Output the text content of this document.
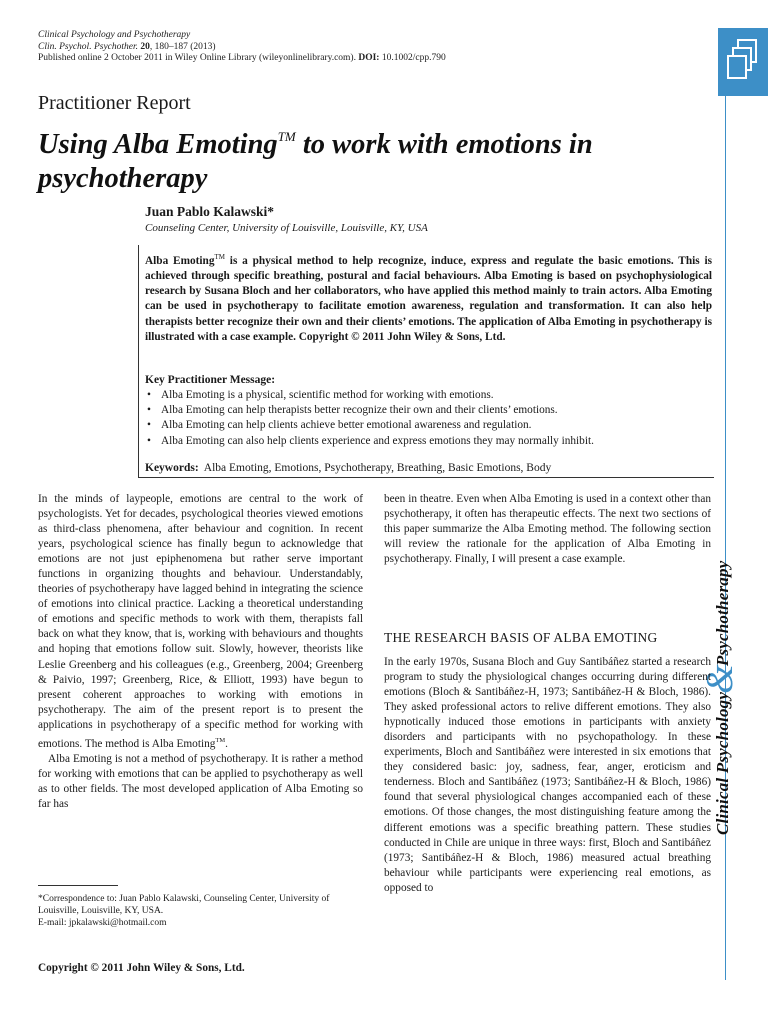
Clinical Psychology and Psychotherapy
Clin. Psychol. Psychother. 20, 180–187 (2013)
Published online 2 October 2011 in Wiley Online Library (wileyonlinelibrary.com). DOI: 10.1002/cpp.790
Clinical Psychology&Psychotherapy
Practitioner Report
Using Alba Emoting™ to work with emotions in
psychotherapy
Juan Pablo Kalawski*
Counseling Center, University of Louisville, Louisville, KY, USA
Alba Emoting™ is a physical method to help recognize, induce, express and regulate the basic emotions. This is achieved through specific breathing, postural and facial behaviours. Alba Emoting is based on psychophysiological research by Susana Bloch and her collaborators, who have applied this method mainly to train actors. Alba Emoting can be used in psychotherapy to facilitate emotion awareness, regulation and transformation. It can also help therapists better recognize their own and their clients’ emotions. The application of Alba Emoting in psychotherapy is illustrated with a case example. Copyright © 2011 John Wiley & Sons, Ltd.
Key Practitioner Message:
• Alba Emoting is a physical, scientific method for working with emotions.
• Alba Emoting can help therapists better recognize their own and their clients’ emotions.
• Alba Emoting can help clients achieve better emotional awareness and regulation.
• Alba Emoting can also help clients experience and express emotions they may normally inhibit.
Keywords: Alba Emoting, Emotions, Psychotherapy, Breathing, Basic Emotions, Body

In the minds of laypeople, emotions are central to the work of psychologists. Yet for decades, psychological theories viewed emotions as third-class phenomena, after behaviour and cognition. In recent years, psychological science has finally begun to acknowledge that emotions are not just epiphenomena but rather serve important functions in organizing thoughts and behaviour. Understandably, theories of psychotherapy have lagged behind in integrating the science of emotions into clinical practice. Lacking a theoretical understanding of emotions and specific methods to work with them, therapists fall back on what they know, that is, working with behaviours and thoughts and hoping that emotions follow suit. Slowly, however, theorists like Leslie Greenberg and his colleagues (e.g., Greenberg, 2004; Greenberg & Paivio, 1997; Greenberg, Rice, & Elliott, 1993) have begun to present coherent approaches to working with emotions in psychotherapy. The aim of the present report is to present the applications in psychotherapy of a specific method for working with emotions. The method is Alba Emoting™.

Alba Emoting is not a method of psychotherapy. It is rather a method for working with emotions that can be applied to psychotherapy as well as to other fields. The most developed application of Alba Emoting so far has

been in theatre. Even when Alba Emoting is used in a context other than psychotherapy, it often has therapeutic effects. The next two sections of this paper summarize the Alba Emoting method. The following section will review the rationale for the application of Alba Emoting in psychotherapy. Finally, I will present a case example.

THE RESEARCH BASIS OF ALBA EMOTING

In the early 1970s, Susana Bloch and Guy Santibáñez started a research program to study the physiological changes occurring during different emotions (Bloch & Santibáñez-H, 1973; Santibáñez-H & Bloch, 1986). They asked professional actors to relive different emotions. They also hypnotically induced those emotions in participants with anxiety disorders and participants with no psychopathology. In these experiments, Bloch and Santibáñez were interested in six emotions that they considered basic: joy, sadness, fear, anger, eroticism and tenderness. Bloch and Santibáñez (1973; Santibáñez-H & Bloch, 1986) found that several physiological changes accompanied each of these emotions. Of those changes, the most distinguishing feature among the different emotions was a specific breathing pattern. These studies conducted in Chile are unique in three ways: first, Bloch and Santibáñez (1973; Santibáñez-H & Bloch, 1986) measured actual breathing behaviour while participants were experiencing real emotions, as opposed to

*Correspondence to: Juan Pablo Kalawski, Counseling Center, University of Louisville, Louisville, KY, USA.
E-mail: jpkalawski@hotmail.com
Copyright © 2011 John Wiley & Sons, Ltd.
